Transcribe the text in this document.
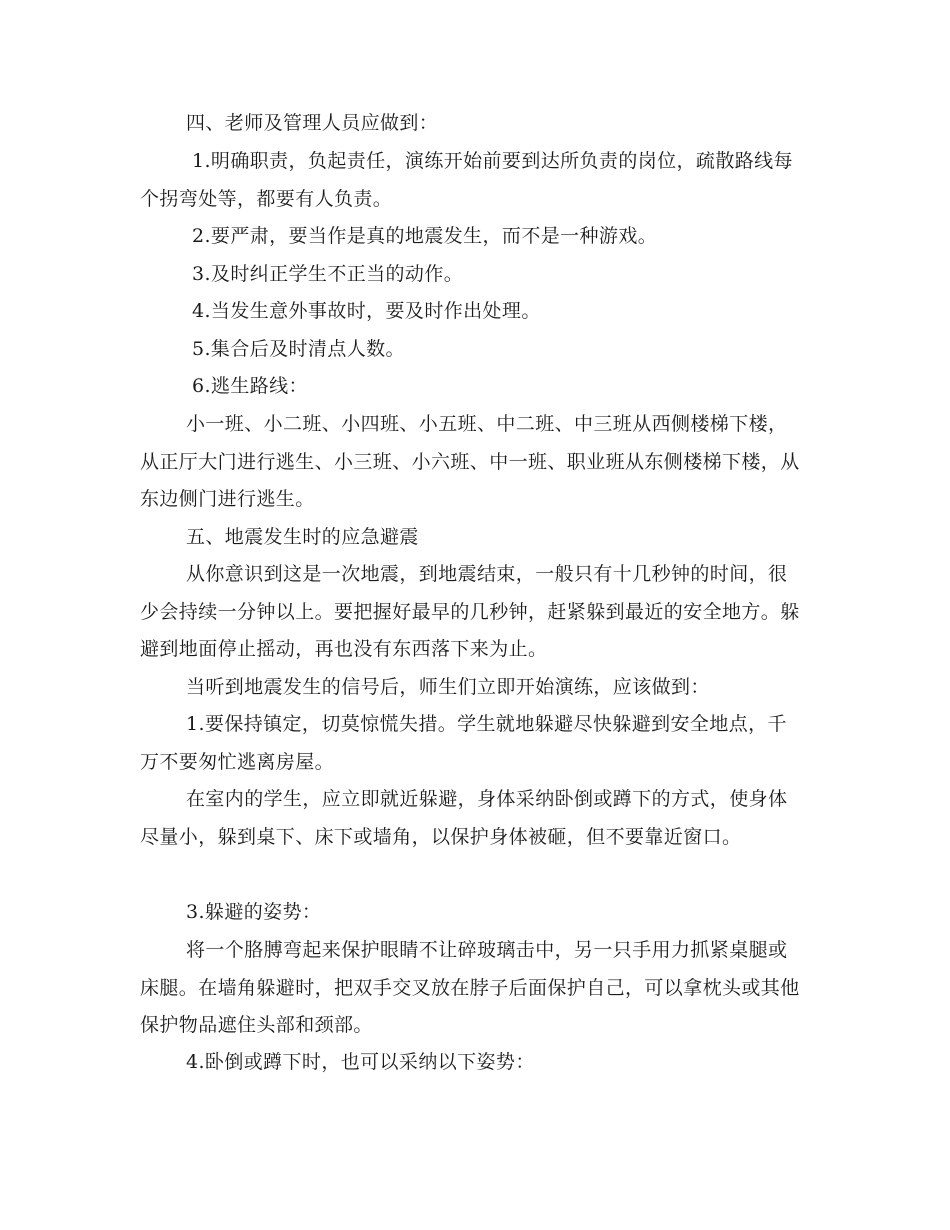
四、老师及管理人员应做到：

1.明确职责，负起责任，演练开始前要到达所负责的岗位，疏散路线每个拐弯处等，都要有人负责。

2.要严肃，要当作是真的地震发生，而不是一种游戏。

3.及时纠正学生不正当的动作。

4.当发生意外事故时，要及时作出处理。

5.集合后及时清点人数。

6.逃生路线：

小一班、小二班、小四班、小五班、中二班、中三班从西侧楼梯下楼，从正厅大门进行逃生、小三班、小六班、中一班、职业班从东侧楼梯下楼，从东边侧门进行逃生。

五、地震发生时的应急避震

从你意识到这是一次地震，到地震结束，一般只有十几秒钟的时间，很少会持续一分钟以上。要把握好最早的几秒钟，赶紧躲到最近的安全地方。躲避到地面停止摇动，再也没有东西落下来为止。

当听到地震发生的信号后，师生们立即开始演练，应该做到：

1.要保持镇定，切莫惊慌失措。学生就地躲避尽快躲避到安全地点，千万不要匆忙逃离房屋。

在室内的学生，应立即就近躲避，身体采纳卧倒或蹲下的方式，使身体尽量小，躲到桌下、床下或墙角，以保护身体被砸，但不要靠近窗口。

3.躲避的姿势：

将一个胳膊弯起来保护眼睛不让碎玻璃击中，另一只手用力抓紧桌腿或床腿。在墙角躲避时，把双手交叉放在脖子后面保护自己，可以拿枕头或其他保护物品遮住头部和颈部。

4.卧倒或蹲下时，也可以采纳以下姿势：
